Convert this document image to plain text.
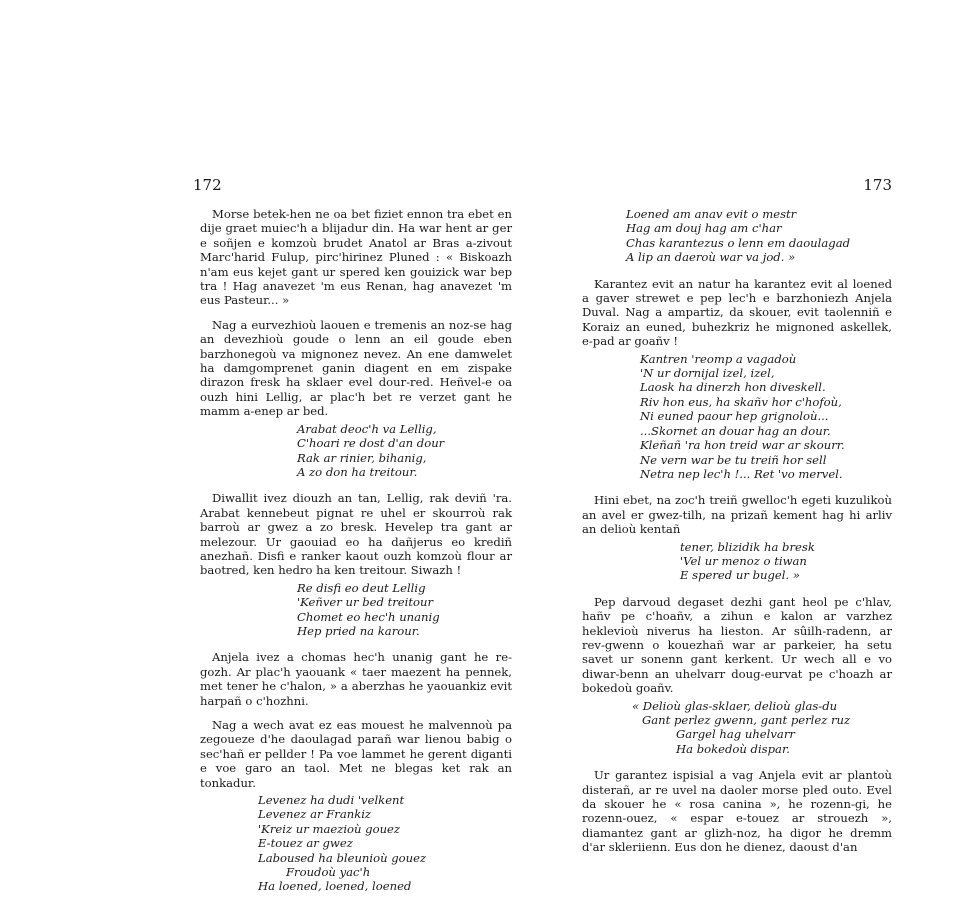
172

Morse betek-hen ne oa bet fiziet ennon tra ebet en dije graet muiec'h a blijadur din. Ha war hent ar ger e soñjen e komzoù brudet Anatol ar Bras a-zivout Marc'harid Fulup, pirc'hirinez Pluned : « Biskoazh n'am eus kejet gant ur spered ken gouizick war bep tra ! Hag anavezet 'm eus Renan, hag anavezet 'm eus Pasteur... »

Nag a eurvezhioù laouen e tremenis an noz-se hag an devezhioù goude o lenn an eil goude eben barzhonegoù va mignonez nevez. An ene damwelet ha damgomprenet ganin diagent en em zispake dirazon fresk ha sklaer evel dour-red. Heñvel-e oa ouzh hini Lellig, ar plac'h bet re verzet gant he mamm a-enep ar bed.

Arabat deoc'h va Lellig,
C'hoari re dost d'an dour
Rak ar rinier, bihanig,
A zo don ha treitour.

Diwallit ivez diouzh an tan, Lellig, rak deviñ 'ra. Arabat kennebeut pignat re uhel er skourroù rak barroù ar gwez a zo bresk. Hevelep tra gant ar melezour. Ur gaouiad eo ha dañjerus eo krediñ anezhañ. Disfi e ranker kaout ouzh komzoù flour ar baotred, ken hedro ha ken treitour. Siwazh !

Re disfi eo deut Lellig
'Keñver ur bed treitour
Chomet eo hec'h unanig
Hep pried na karour.

Anjela ivez a chomas hec'h unanig gant he re-gozh. Ar plac'h yaouank « taer maezent ha pennek, met tener he c'halon, » a aberzhas he yaouankiz evit harpañ o c'hozhni.

Nag a wech avat ez eas mouest he malvennoù pa zegoueze d'he daoulagad parañ war lienou babig o sec'hañ er pellder ! Pa voe lammet he gerent diganti e voe garo an taol. Met ne blegas ket rak an tonkadur.

Levenez ha dudi 'velkent
Levenez ar Frankiz
'Kreiz ur maezioù gouez
E-touez ar gwez
Laboused ha bleunioù gouez
Froudoù yac'h
Ha loened, loened, loened
173
Loened am anav evit o mestr
Hag am douj hag am c'har
Chas karantezus o lenn em daoulagad
A lip an daeroù war va jod. »

Karantez evit an natur ha karantez evit al loened a gaver strewet e pep lec'h e barzhoniezh Anjela Duval. Nag a ampartiz, da skouer, evit taolenniñ e Koraiz an euned, buhezkriz he mignoned askellek, e-pad ar goañv !

Kantren 'reomp a vagadoù
'N ur dornijal izel, izel,
Laosk ha dinerzh hon diveskell.
Riv hon eus, ha skañv hor c'hofoù,
Ni euned paour hep grignoloù...
...Skornet an douar hag an dour.
Kleñañ 'ra hon treid war ar skourr.
Ne vern war be tu treiñ hor sell
Netra nep lec'h !... Ret 'vo mervel.

Hini ebet, na zoc'h treiñ gwelloc'h egeti kuzulikoù an avel er gwez-tilh, na prizañ kement hag hi arliv an delioù kentañ

tener, blizidik ha bresk
'Vel ur menoz o tiwan
E spered ur bugel. »

Pep darvoud degaset dezhi gant heol pe c'hlav, hañv pe c'hoañv, a zihun e kalon ar varzhez heklevioù niverus ha lieston. Ar sûilh-radenn, ar rev-gwenn o kouezhañ war ar parkeier, ha setu savet ur sonenn gant kerkent. Ur wech all e vo diwar-benn an uhelvarr doug-eurvat pe c'hoazh ar bokedoù goañv.

« Delioù glas-sklaer, delioù glas-du
Gant perlez gwenn, gant perlez ruz
Gargel hag uhelvarr
Ha bokedoù dispar.

Ur garantez ispisial a vag Anjela evit ar plantoù disterañ, ar re uvel na daoler morse pled outo. Evel da skouer he « rosa canina », he rozenn-gi, he rozenn-ouez, « espar e-touez ar strouezh », diamantez gant ar glizh-noz, ha digor he dremm d'ar skleriienn. Eus don he dienez, daoust d'an
